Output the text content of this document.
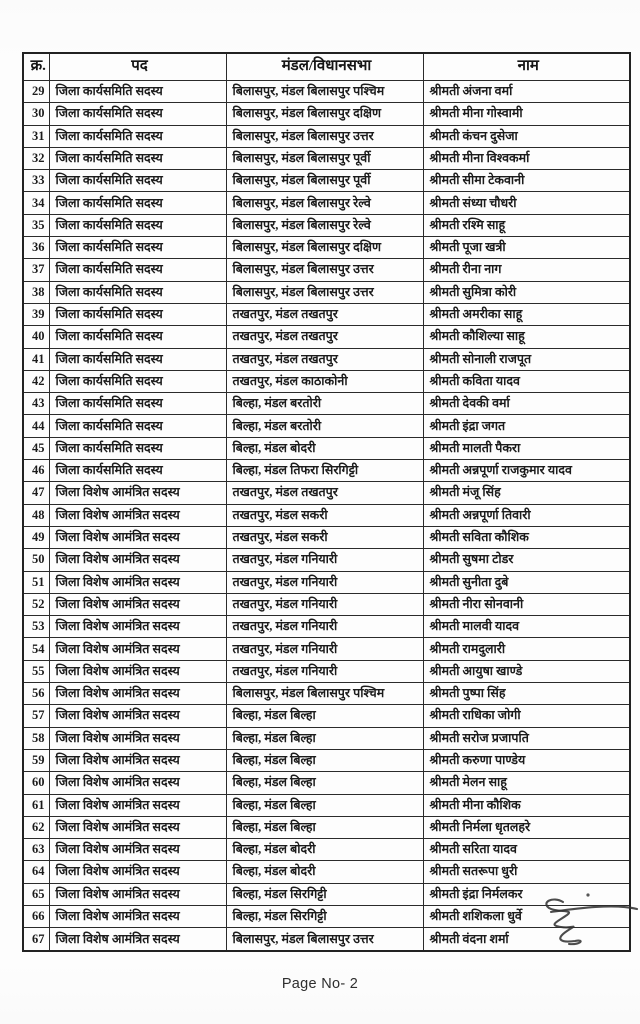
क्र.	पद	मंडल/विधानसभा	नाम
29	जिला कार्यसमिति सदस्य	बिलासपुर, मंडल बिलासपुर पश्चिम	श्रीमती अंजना वर्मा
30	जिला कार्यसमिति सदस्य	बिलासपुर, मंडल बिलासपुर दक्षिण	श्रीमती मीना गोस्वामी
31	जिला कार्यसमिति सदस्य	बिलासपुर, मंडल बिलासपुर उत्तर	श्रीमती कंचन दुसेजा
32	जिला कार्यसमिति सदस्य	बिलासपुर, मंडल बिलासपुर पूर्वी	श्रीमती मीना विश्वकर्मा
33	जिला कार्यसमिति सदस्य	बिलासपुर, मंडल बिलासपुर पूर्वी	श्रीमती सीमा टेकवानी
34	जिला कार्यसमिति सदस्य	बिलासपुर, मंडल बिलासपुर रेल्वे	श्रीमती संध्या चौधरी
35	जिला कार्यसमिति सदस्य	बिलासपुर, मंडल बिलासपुर रेल्वे	श्रीमती रश्मि साहू
36	जिला कार्यसमिति सदस्य	बिलासपुर, मंडल बिलासपुर दक्षिण	श्रीमती पूजा खत्री
37	जिला कार्यसमिति सदस्य	बिलासपुर, मंडल बिलासपुर उत्तर	श्रीमती रीना नाग
38	जिला कार्यसमिति सदस्य	बिलासपुर, मंडल बिलासपुर उत्तर	श्रीमती सुमित्रा कोरी
39	जिला कार्यसमिति सदस्य	तखतपुर, मंडल तखतपुर	श्रीमती अमरीका साहू
40	जिला कार्यसमिति सदस्य	तखतपुर, मंडल तखतपुर	श्रीमती कौशिल्या साहू
41	जिला कार्यसमिति सदस्य	तखतपुर, मंडल तखतपुर	श्रीमती सोनाली राजपूत
42	जिला कार्यसमिति सदस्य	तखतपुर, मंडल काठाकोनी	श्रीमती कविता यादव
43	जिला कार्यसमिति सदस्य	बिल्हा, मंडल बरतोरी	श्रीमती देवकी वर्मा
44	जिला कार्यसमिति सदस्य	बिल्हा, मंडल बरतोरी	श्रीमती इंद्रा जगत
45	जिला कार्यसमिति सदस्य	बिल्हा, मंडल बोदरी	श्रीमती मालती पैकरा
46	जिला कार्यसमिति सदस्य	बिल्हा, मंडल तिफरा सिरगिट्टी	श्रीमती अन्नपूर्णा राजकुमार यादव
47	जिला विशेष आमंत्रित सदस्य	तखतपुर, मंडल तखतपुर	श्रीमती मंजू सिंह
48	जिला विशेष आमंत्रित सदस्य	तखतपुर, मंडल सकरी	श्रीमती अन्नपूर्णा तिवारी
49	जिला विशेष आमंत्रित सदस्य	तखतपुर, मंडल सकरी	श्रीमती सविता कौशिक
50	जिला विशेष आमंत्रित सदस्य	तखतपुर, मंडल गनियारी	श्रीमती सुषमा टोडर
51	जिला विशेष आमंत्रित सदस्य	तखतपुर, मंडल गनियारी	श्रीमती सुनीता दुबे
52	जिला विशेष आमंत्रित सदस्य	तखतपुर, मंडल गनियारी	श्रीमती नीरा सोनवानी
53	जिला विशेष आमंत्रित सदस्य	तखतपुर, मंडल गनियारी	श्रीमती मालवी यादव
54	जिला विशेष आमंत्रित सदस्य	तखतपुर, मंडल गनियारी	श्रीमती रामदुलारी
55	जिला विशेष आमंत्रित सदस्य	तखतपुर, मंडल गनियारी	श्रीमती आयुषा खाण्डे
56	जिला विशेष आमंत्रित सदस्य	बिलासपुर, मंडल बिलासपुर पश्चिम	श्रीमती पुष्पा सिंह
57	जिला विशेष आमंत्रित सदस्य	बिल्हा, मंडल बिल्हा	श्रीमती राधिका जोगी
58	जिला विशेष आमंत्रित सदस्य	बिल्हा, मंडल बिल्हा	श्रीमती सरोज प्रजापति
59	जिला विशेष आमंत्रित सदस्य	बिल्हा, मंडल बिल्हा	श्रीमती करुणा पाण्डेय
60	जिला विशेष आमंत्रित सदस्य	बिल्हा, मंडल बिल्हा	श्रीमती मेलन साहू
61	जिला विशेष आमंत्रित सदस्य	बिल्हा, मंडल बिल्हा	श्रीमती मीना कौशिक
62	जिला विशेष आमंत्रित सदस्य	बिल्हा, मंडल बिल्हा	श्रीमती निर्मला धृतलहरे
63	जिला विशेष आमंत्रित सदस्य	बिल्हा, मंडल बोदरी	श्रीमती सरिता यादव
64	जिला विशेष आमंत्रित सदस्य	बिल्हा, मंडल बोदरी	श्रीमती सतरूपा धुरी
65	जिला विशेष आमंत्रित सदस्य	बिल्हा, मंडल सिरगिट्टी	श्रीमती इंद्रा निर्मलकर
66	जिला विशेष आमंत्रित सदस्य	बिल्हा, मंडल सिरगिट्टी	श्रीमती शशिकला धुर्वे
67	जिला विशेष आमंत्रित सदस्य	बिलासपुर, मंडल बिलासपुर उत्तर	श्रीमती वंदना शर्मा
Page No- 2
